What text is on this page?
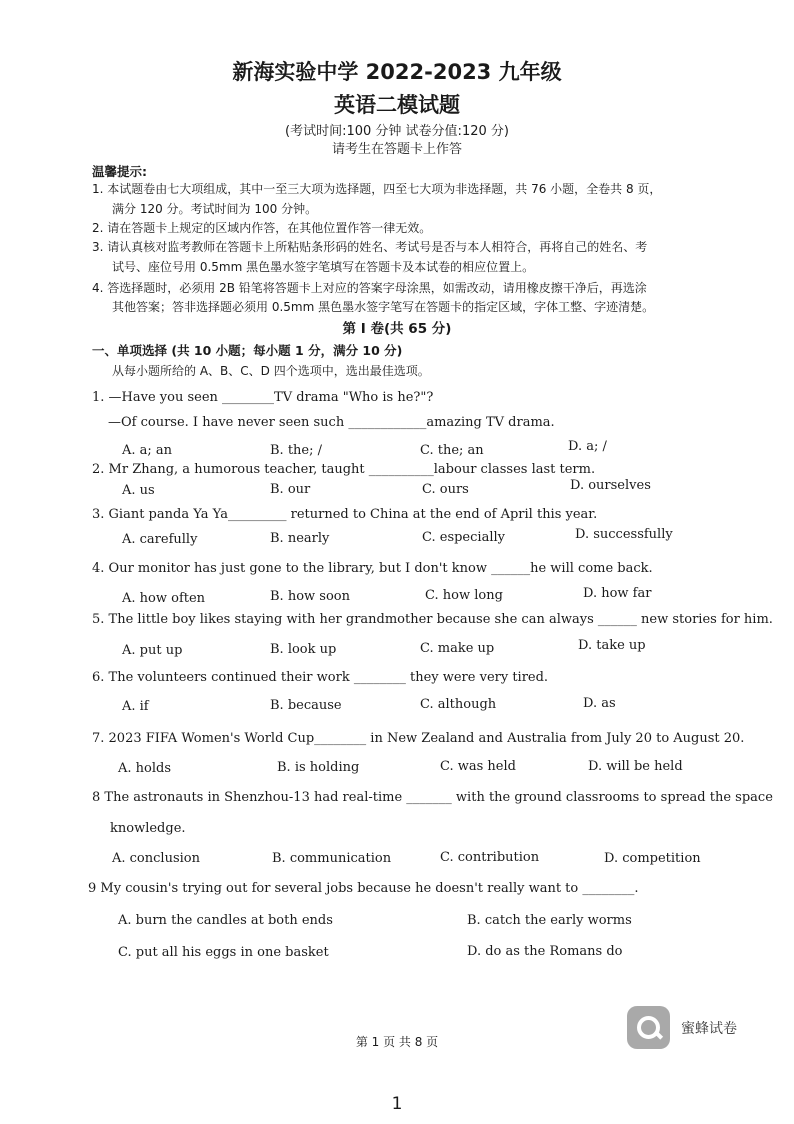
新海实验中学 2022-2023 九年级
英语二模试题
(考试时间:100 分钟 试卷分值:120 分)
请考生在答题卡上作答
温馨提示:
1. 本试题卷由七大项组成，其中一至三大项为选择题，四至七大项为非选择题，共 76 小题，全卷共 8 页，
满分 120 分。考试时间为 100 分钟。
2. 请在答题卡上规定的区域内作答，在其他位置作答一律无效。
3. 请认真核对监考教师在答题卡上所粘贴条形码的姓名、考试号是否与本人相符合，再将自己的姓名、考
试号、座位号用 0.5mm 黑色墨水签字笔填写在答题卡及本试卷的相应位置上。
4. 答选择题时，必须用 2B 铅笔将答题卡上对应的答案字母涂黑，如需改动，请用橡皮擦干净后，再选涂
其他答案；答非选择题必须用 0.5mm 黑色墨水签字笔写在答题卡的指定区域，字体工整、字迹清楚。
第 I 卷(共 65 分)
一、单项选择 (共 10 小题；每小题 1 分，满分 10 分)
从每小题所给的 A、B、C、D 四个选项中，选出最佳选项。
1. —Have you seen ________TV drama "Who is he?"?
—Of course. I have never seen such ____________amazing TV drama.
A. a; an	B. the; /	C. the; an	D. a; /
2. Mr Zhang, a humorous teacher, taught __________labour classes last term.
A. us	B. our	C. ours	D. ourselves
3. Giant panda Ya Ya_________ returned to China at the end of April this year.
A. carefully	B. nearly	C. especially	D. successfully
4. Our monitor has just gone to the library, but I don't know ______he will come back.
A. how often	B. how soon	C. how long	D. how far
5. The little boy likes staying with her grandmother because she can always ______ new stories for him.
A. put up	B. look up	C. make up	D. take up
6. The volunteers continued their work ________ they were very tired.
A. if	B. because	C. although	D. as
7. 2023 FIFA Women's World Cup________ in New Zealand and Australia from July 20 to August 20.
A. holds	B. is holding	C. was held	D. will be held
8 The astronauts in Shenzhou-13 had real-time _______ with the ground classrooms to spread the space
knowledge.
A. conclusion	B. communication	C. contribution	D. competition
9 My cousin's trying out for several jobs because he doesn't really want to ________.
A. burn the candles at both ends	B. catch the early worms
C. put all his eggs in one basket	D. do as the Romans do
蜜蜂试卷
第 1 页 共 8 页
1
